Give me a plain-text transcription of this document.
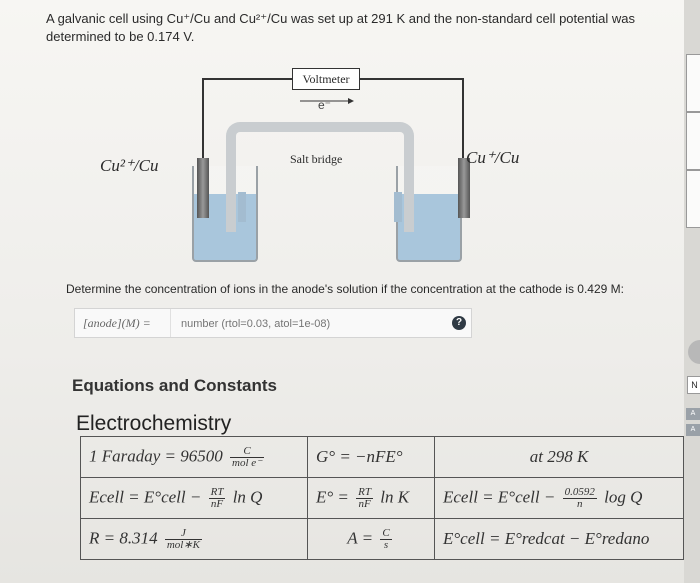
A galvanic cell using Cu⁺/Cu and Cu²⁺/Cu was set up at 291 K and the non-standard cell potential was determined to be 0.174 V.
Voltmeter
e⁻
Cu²⁺/Cu	Cu⁺/Cu
Salt bridge
Determine the concentration of ions in the anode's solution if the concentration at the cathode is 0.429 M:
[anode](M) =
number (rtol=0.03, atol=1e-08)	?
Equations and Constants
Electrochemistry
1 Faraday = $96500 \frac{C}{\text{mol e⁻}}$	G° = −nFE°	at 298 K
Ecell = E°cell − $\frac{RT}{nF}$ ln Q	$E^\circ = \frac{RT}{nF}$ ln K	Ecell = E°cell − $\frac{0.0592}{n}$ log Q
$R = 8.314 \frac{J}{\text{mol∗K}}$	$A = \frac{C}{s}$	E°cell = E°redcat − E°redano
N
A
A
